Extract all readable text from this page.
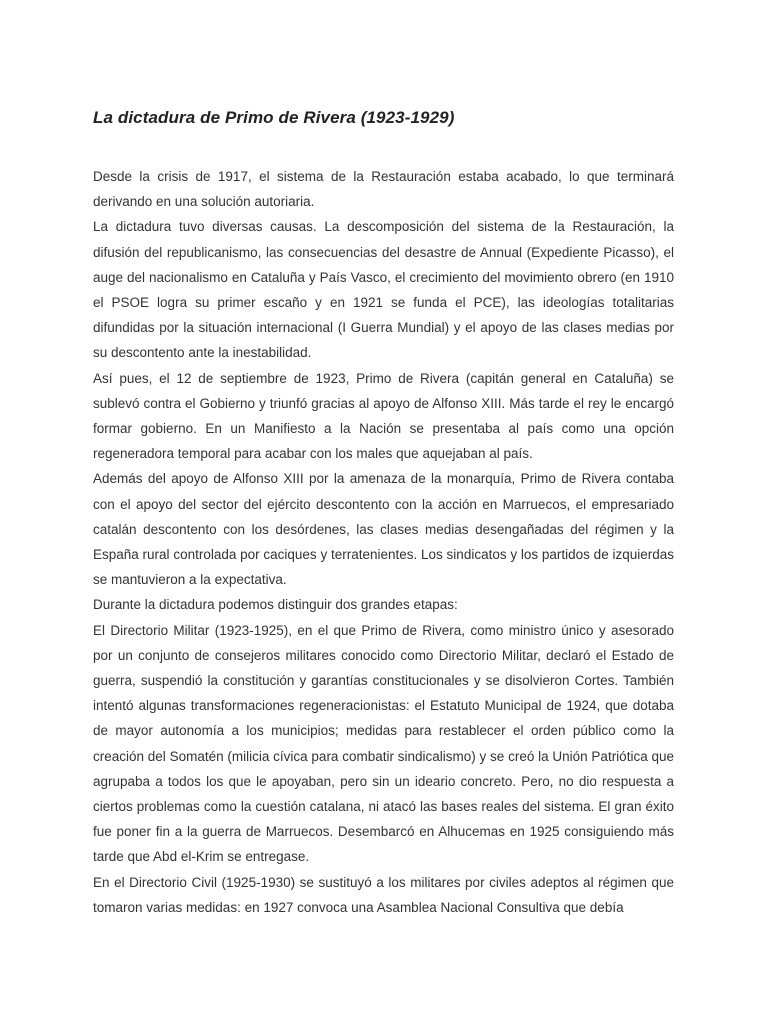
La dictadura de Primo de Rivera (1923-1929)

Desde la crisis de 1917, el sistema de la Restauración estaba acabado, lo que terminará derivando en una solución autoriaria.

La dictadura tuvo diversas causas. La descomposición del sistema de la Restauración, la difusión del republicanismo, las consecuencias del desastre de Annual (Expediente Picasso), el auge del nacionalismo en Cataluña y País Vasco, el crecimiento del movimiento obrero (en 1910 el PSOE logra su primer escaño y en 1921 se funda el PCE), las ideologías totalitarias difundidas por la situación internacional (I Guerra Mundial) y el apoyo de las clases medias por su descontento ante la inestabilidad.

Así pues, el 12 de septiembre de 1923, Primo de Rivera (capitán general en Cataluña) se sublevó contra el Gobierno y triunfó gracias al apoyo de Alfonso XIII. Más tarde el rey le encargó formar gobierno. En un Manifiesto a la Nación se presentaba al país como una opción regeneradora temporal para acabar con los males que aquejaban al país.

Además del apoyo de Alfonso XIII por la amenaza de la monarquía, Primo de Rivera contaba con el apoyo del sector del ejército descontento con la acción en Marruecos, el empresariado catalán descontento con los desórdenes, las clases medias desengañadas del régimen y la España rural controlada por caciques y terratenientes. Los sindicatos y los partidos de izquierdas se mantuvieron a la expectativa.

Durante la dictadura podemos distinguir dos grandes etapas:

El Directorio Militar (1923-1925), en el que Primo de Rivera, como ministro único y asesorado por un conjunto de consejeros militares conocido como Directorio Militar, declaró el Estado de guerra, suspendió la constitución y garantías constitucionales y se disolvieron Cortes. También intentó algunas transformaciones regeneracionistas: el Estatuto Municipal de 1924, que dotaba de mayor autonomía a los municipios; medidas para restablecer el orden público como la creación del Somatén (milicia cívica para combatir sindicalismo) y se creó la Unión Patriótica que agrupaba a todos los que le apoyaban, pero sin un ideario concreto. Pero, no dio respuesta a ciertos problemas como la cuestión catalana, ni atacó las bases reales del sistema. El gran éxito fue poner fin a la guerra de Marruecos. Desembarcó en Alhucemas en 1925 consiguiendo más tarde que Abd el-Krim se entregase.

En el Directorio Civil (1925-1930) se sustituyó a los militares por civiles adeptos al régimen que tomaron varias medidas: en 1927 convoca una Asamblea Nacional Consultiva que debía
